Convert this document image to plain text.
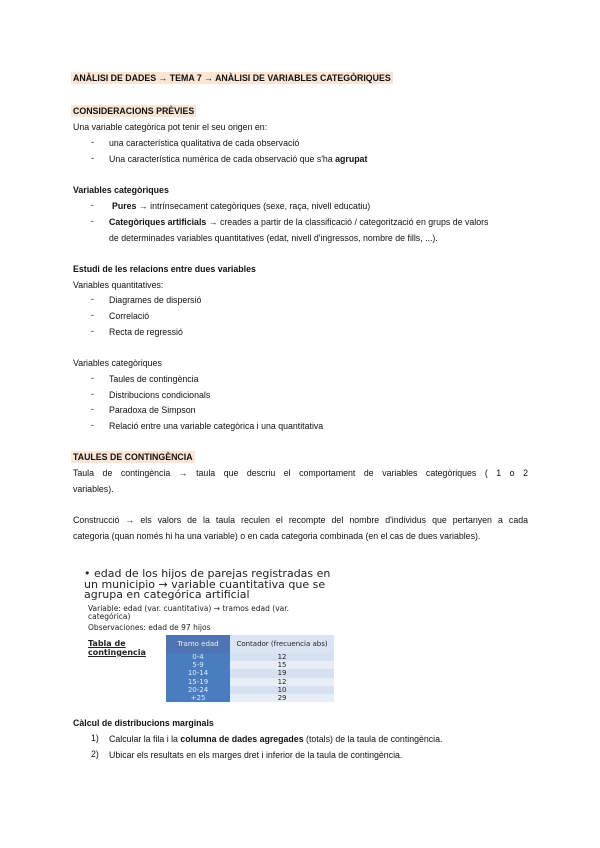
ANÀLISI DE DADES → TEMA 7 → ANÀLISI DE VARIABLES CATEGÒRIQUES
CONSIDERACIONS PRÈVIES
Una variable categòrica pot tenir el seu origen en:
- una característica qualitativa de cada observació
- Una característica numèrica de cada observació que s'ha agrupat
Variables categòriques
- Pures → intrínsecament categòriques (sexe, raça, nivell educatiu)
- Categòriques artificials → creades a partir de la classificació / categorització en grups de valors
de determinades variables quantitatives (edat, nivell d'ingressos, nombre de fills, ...).
Estudi de les relacions entre dues variables
Variables quantitatives:
- Diagrames de dispersió
- Correlació
- Recta de regressió
Variables categòriques
- Taules de contingència
- Distribucions condicionals
- Paradoxa de Simpson
- Relació entre una variable categòrica i una quantitativa
TAULES DE CONTINGÈNCIA
Taula de contingència → taula que descriu el comportament de variables categòriques ( 1 o 2
variables).
Construcció → els valors de la taula reculen el recompte del nombre d'individus que pertanyen a cada
categoria (quan només hi ha una variable) o en cada categoria combinada (en el cas de dues variables).
• edad de los hijos de parejas registradas en un municipio → variable cuantitativa que se agrupa en categórica artificial
Variable: edad (var. cuantitativa) → tramos edad (var.
categórica)
Observaciones: edad de 97 hijos
Tabla de contingencia
Tramo edad	Contador (frecuencia abs)
0-4	12
5-9	15
10-14	19
15-19	12
20-24	10
+25	29
Càlcul de distribucions marginals
1) Calcular la fila i la columna de dades agregades (totals) de la taula de contingència.
2) Ubicar els resultats en els marges dret i inferior de la taula de contingència.
